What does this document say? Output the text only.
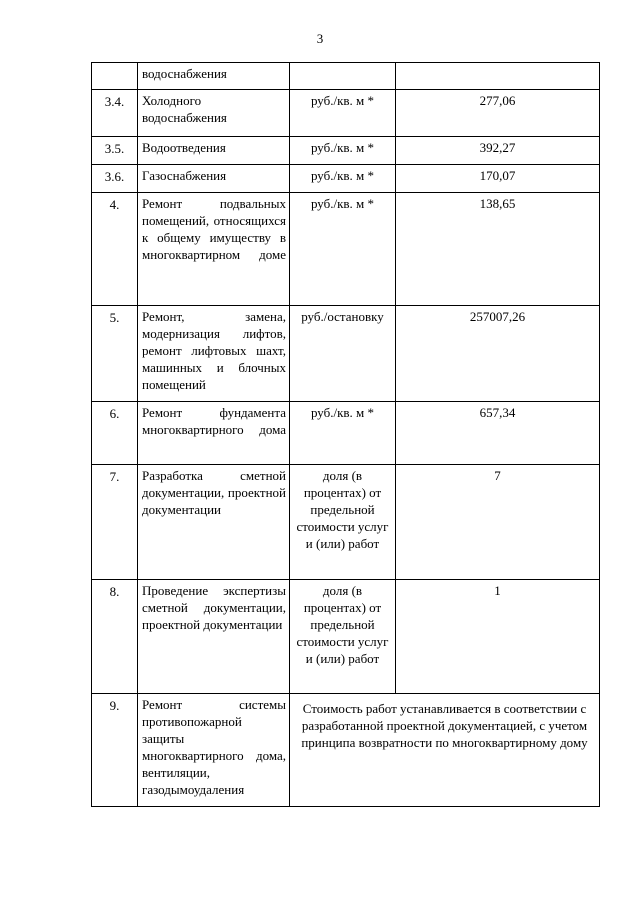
3
	водоснабжения		
3.4.	Холодного водоснабжения	руб./кв. м *	277,06
3.5.	Водоотведения	руб./кв. м *	392,27
3.6.	Газоснабжения	руб./кв. м *	170,07
4.	Ремонт подвальных помещений, относящихся к общему имуществу в многоквартирном доме	руб./кв. м *	138,65
5.	Ремонт, замена, модернизация лифтов, ремонт лифтовых шахт, машинных и блочных помещений	руб./остановку	257007,26
6.	Ремонт фундамента многоквартирного дома	руб./кв. м *	657,34
7.	Разработка сметной документации, проектной документации	доля (в процентах) от предельной стоимости услуг и (или) работ	7
8.	Проведение экспертизы сметной документации, проектной документации	доля (в процентах) от предельной стоимости услуг и (или) работ	1
9.	Ремонт системы противопожарной защиты многоквартирного дома, вентиляции, газодымоудаления	Стоимость работ устанавливается в соответствии с разработанной проектной документацией, с учетом принципа возвратности по многоквартирному дому	
